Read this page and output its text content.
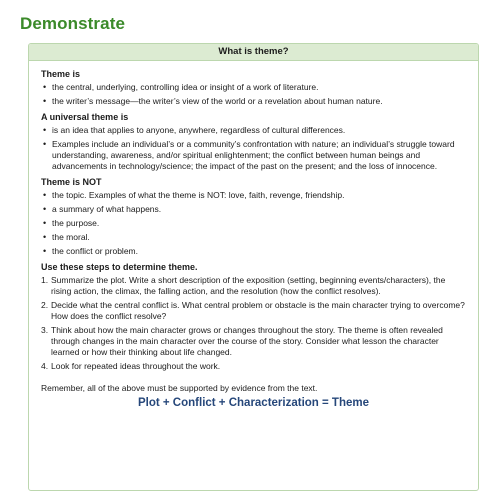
Demonstrate
What is theme?
Theme is
• the central, underlying, controlling idea or insight of a work of literature.
• the writer’s message—the writer’s view of the world or a revelation about human nature.
A universal theme is
• is an idea that applies to anyone, anywhere, regardless of cultural differences.
• Examples include an individual’s or a community’s confrontation with nature; an individual’s struggle toward understanding, awareness, and/or spiritual enlightenment; the conflict between human beings and advancements in technology/science; the impact of the past on the present; and the loss of innocence.
Theme is NOT
• the topic. Examples of what the theme is NOT: love, faith, revenge, friendship.
• a summary of what happens.
• the purpose.
• the moral.
• the conflict or problem.
Use these steps to determine theme.
1. Summarize the plot. Write a short description of the exposition (setting, beginning events/characters), the rising action, the climax, the falling action, and the resolution (how the conflict resolves).
2. Decide what the central conflict is. What central problem or obstacle is the main character trying to overcome? How does the conflict resolve?
3. Think about how the main character grows or changes throughout the story. The theme is often revealed through changes in the main character over the course of the story. Consider what lesson the character learned or how their thinking about life changed.
4. Look for repeated ideas throughout the work.
Remember, all of the above must be supported by evidence from the text.
Plot + Conflict + Characterization = Theme
